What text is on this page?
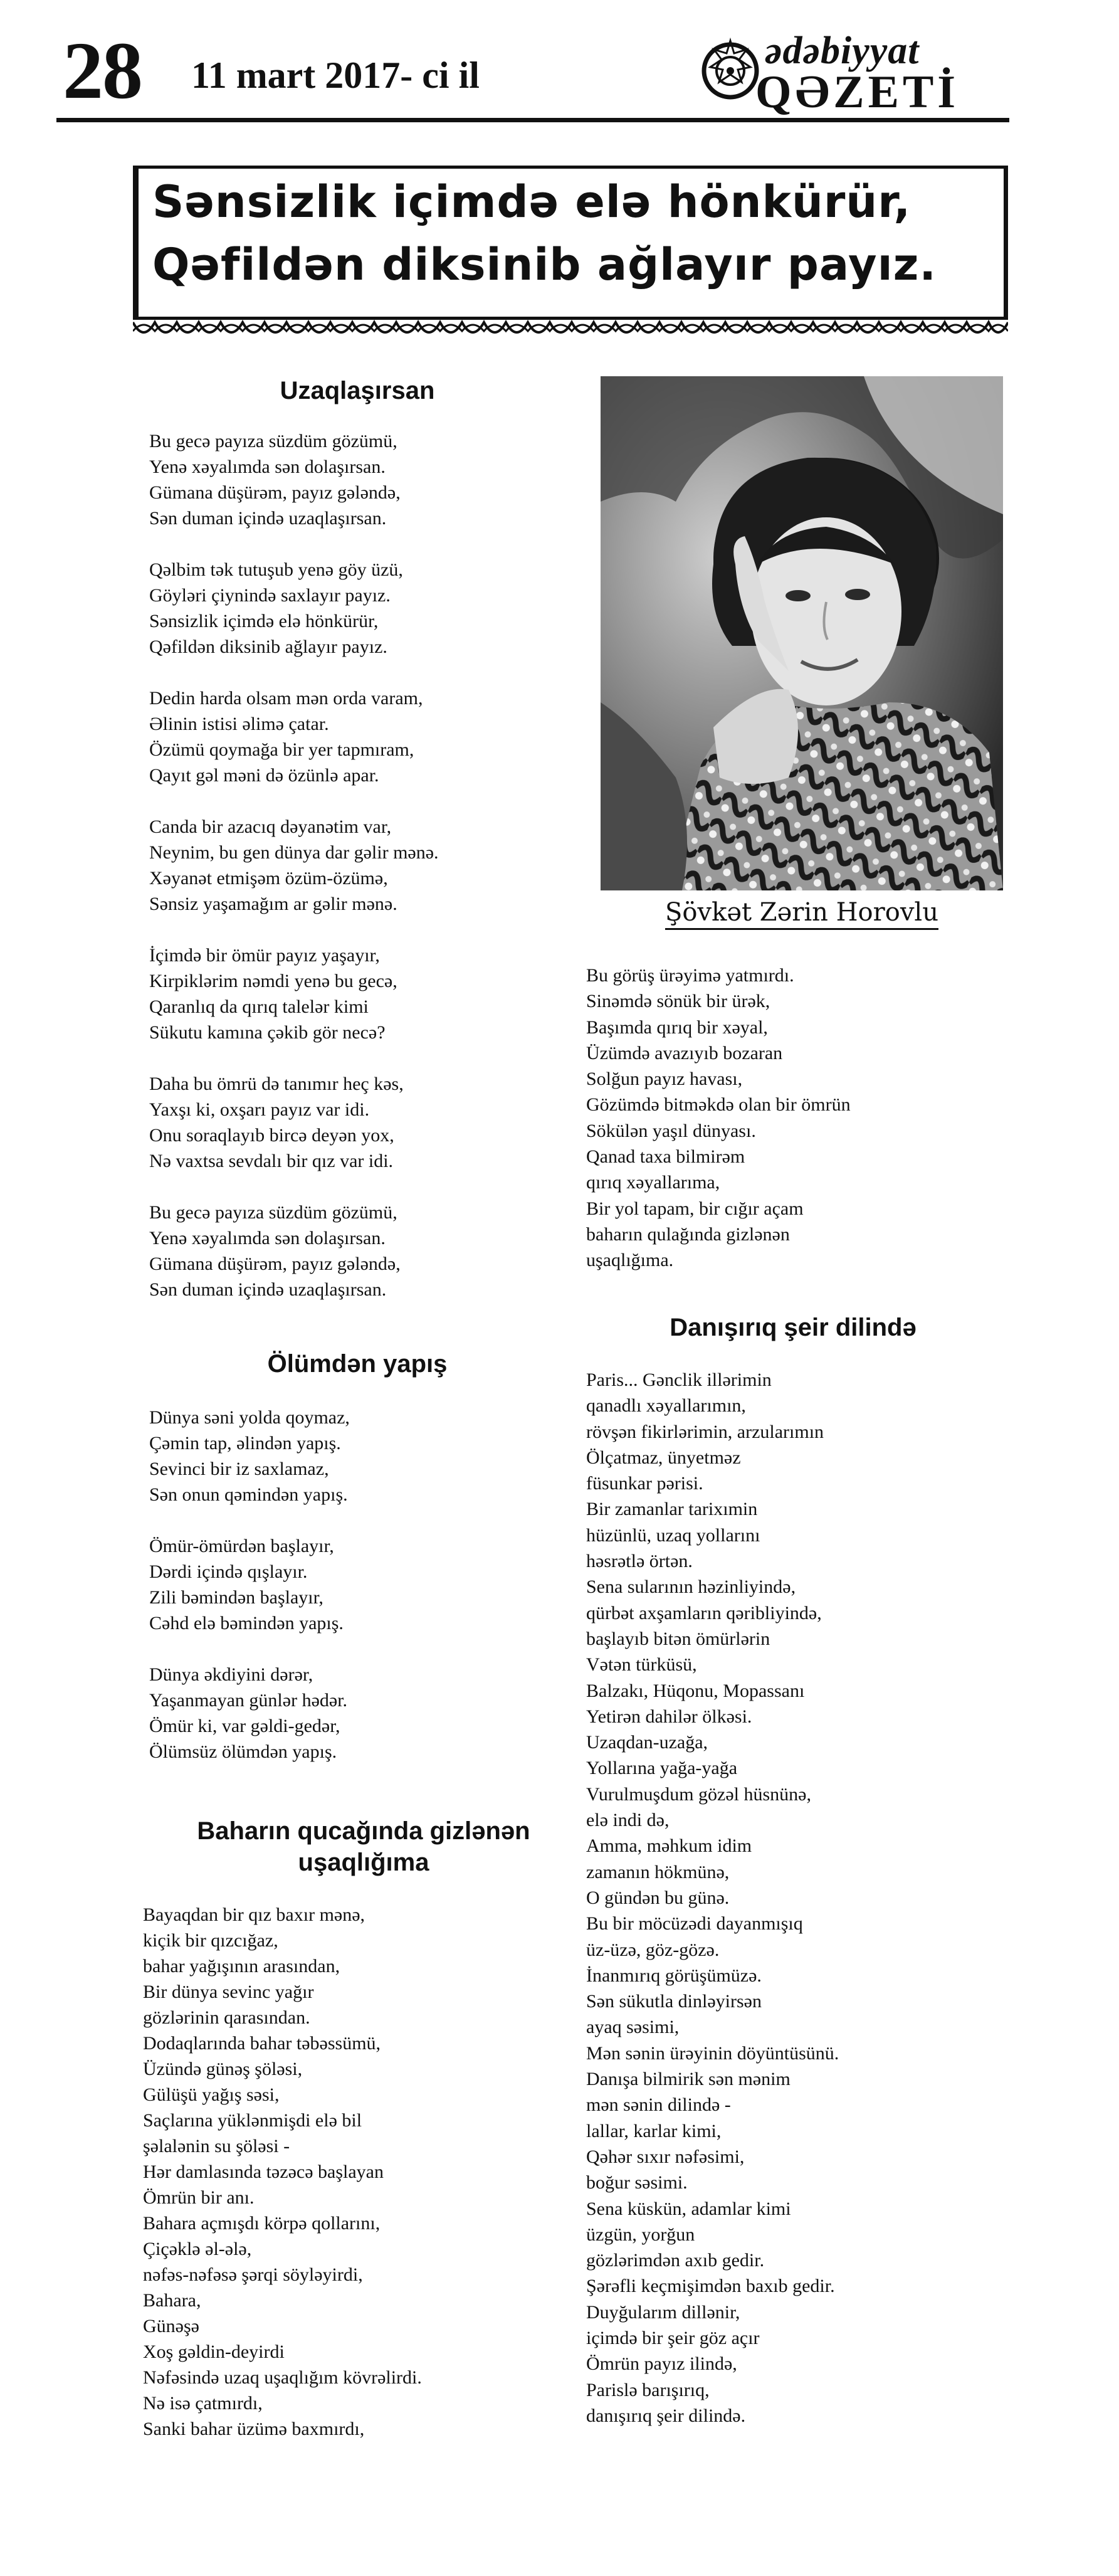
28 11 mart 2017- ci il
ədəbiyyat
QƏZETİ
Sənsizlik içimdə elə hönkürür,
Qəfildən diksinib ağlayır payız.
Şövkət Zərin Horovlu
Uzaqlaşırsan
Bu gecə payıza süzdüm gözümü,
Yenə xəyalımda sən dolaşırsan.
Gümana düşürəm, payız gələndə,
Sən duman içində uzaqlaşırsan.
Qəlbim tək tutuşub yenə göy üzü,
Göyləri çiynində saxlayır payız.
Sənsizlik içimdə elə hönkürür,
Qəfildən diksinib ağlayır payız.
Dedin harda olsam mən orda varam,
Əlinin istisi əlimə çatar.
Özümü qoymağa bir yer tapmıram,
Qayıt gəl məni də özünlə apar.
Canda bir azacıq dəyanətim var,
Neynim, bu gen dünya dar gəlir mənə.
Xəyanət etmişəm özüm-özümə,
Sənsiz yaşamağım ar gəlir mənə.
İçimdə bir ömür payız yaşayır,
Kirpiklərim nəmdi yenə bu gecə,
Qaranlıq da qırıq talelər kimi
Sükutu kamına çəkib gör necə?
Daha bu ömrü də tanımır heç kəs,
Yaxşı ki, oxşarı payız var idi.
Onu soraqlayıb bircə deyən yox,
Nə vaxtsa sevdalı bir qız var idi.
Bu gecə payıza süzdüm gözümü,
Yenə xəyalımda sən dolaşırsan.
Gümana düşürəm, payız gələndə,
Sən duman içində uzaqlaşırsan.
Ölümdən yapış
Dünya səni yolda qoymaz,
Çəmin tap, əlindən yapış.
Sevinci bir iz saxlamaz,
Sən onun qəmindən yapış.
Ömür-ömürdən başlayır,
Dərdi içində qışlayır.
Zili bəmindən başlayır,
Cəhd elə bəmindən yapış.
Dünya əkdiyini dərər,
Yaşanmayan günlər hədər.
Ömür ki, var gəldi-gedər,
Ölümsüz ölümdən yapış.
Baharın qucağında gizlənən
uşaqlığıma
Bayaqdan bir qız baxır mənə,
kiçik bir qızcığaz,
bahar yağışının arasından,
Bir dünya sevinc yağır
gözlərinin qarasından.
Dodaqlarında bahar təbəssümü,
Üzündə günəş şöləsi,
Gülüşü yağış səsi,
Saçlarına yüklənmişdi elə bil
şəlalənin su şöləsi -
Hər damlasında təzəcə başlayan
Ömrün bir anı.
Bahara açmışdı körpə qollarını,
Çiçəklə əl-ələ,
nəfəs-nəfəsə şərqi söyləyirdi,
Bahara,
Günəşə
Xoş gəldin-deyirdi
Nəfəsində uzaq uşaqlığım kövrəlirdi.
Nə isə çatmırdı,
Sanki bahar üzümə baxmırdı,
Bu görüş ürəyimə yatmırdı.
Sinəmdə sönük bir ürək,
Başımda qırıq bir xəyal,
Üzümdə avazıyıb bozaran
Solğun payız havası,
Gözümdə bitməkdə olan bir ömrün
Sökülən yaşıl dünyası.
Qanad taxa bilmirəm
qırıq xəyallarıma,
Bir yol tapam, bir cığır açam
baharın qulağında gizlənən
uşaqlığıma.
Danışırıq şeir dilində
Paris... Gənclik illərimin
qanadlı xəyallarımın,
rövşən fikirlərimin, arzularımın
Ölçatmaz, ünyetməz
füsunkar pərisi.
Bir zamanlar tarixımin
hüzünlü, uzaq yollarını
həsrətlə örtən.
Sena sularının həzinliyində,
qürbət axşamların qəribliyində,
başlayıb bitən ömürlərin
Vətən türküsü,
Balzakı, Hüqonu, Mopassanı
Yetirən dahilər ölkəsi.
Uzaqdan-uzağa,
Yollarına yağa-yağa
Vurulmuşdum gözəl hüsnünə,
elə indi də,
Amma, məhkum idim
zamanın hökmünə,
O gündən bu günə.
Bu bir möcüzədi dayanmışıq
üz-üzə, göz-gözə.
İnanmırıq görüşümüzə.
Sən sükutla dinləyirsən
ayaq səsimi,
Mən sənin ürəyinin döyüntüsünü.
Danışa bilmirik sən mənim
mən sənin dilində -
lallar, karlar kimi,
Qəhər sıxır nəfəsimi,
boğur səsimi.
Sena küskün, adamlar kimi
üzgün, yorğun
gözlərimdən axıb gedir.
Şərəfli keçmişimdən baxıb gedir.
Duyğularım dillənir,
içimdə bir şeir göz açır
Ömrün payız ilində,
Parislə barışırıq,
danışırıq şeir dilində.
